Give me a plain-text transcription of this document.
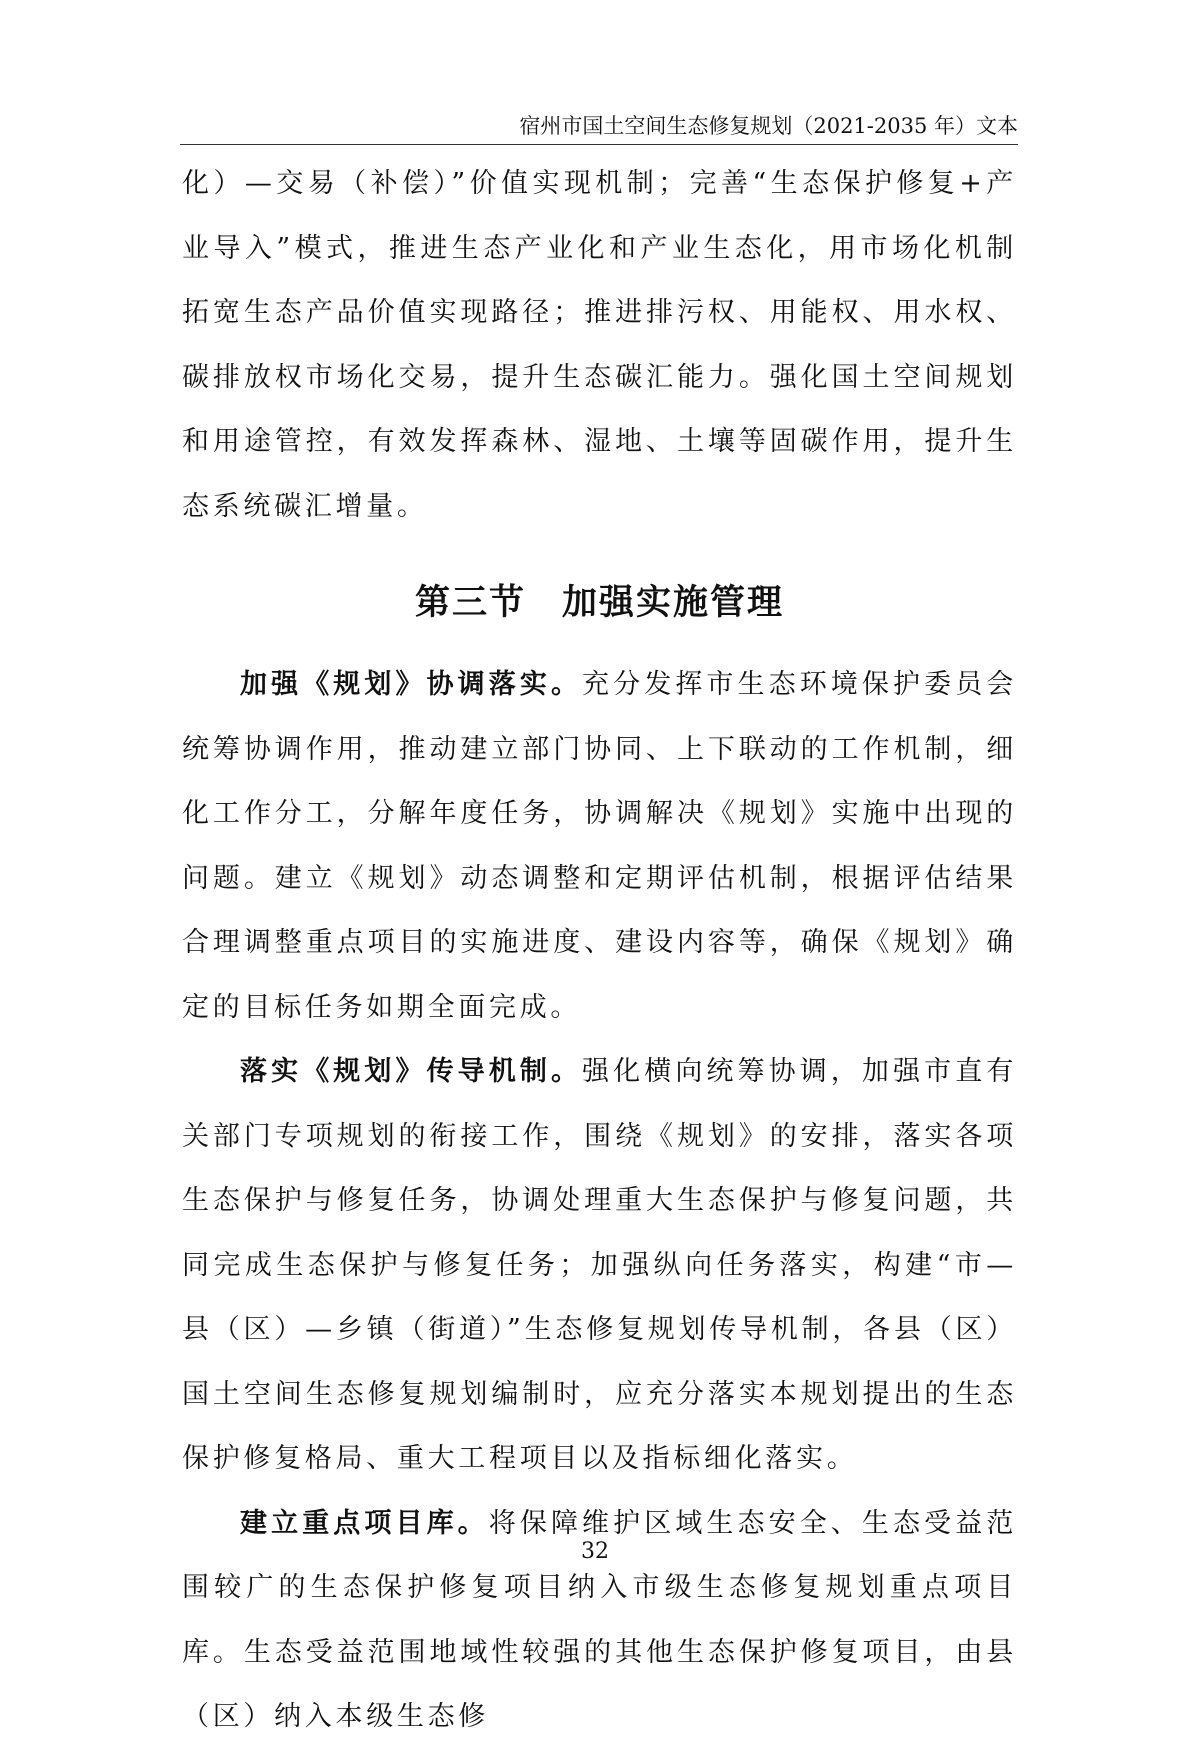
宿州市国土空间生态修复规划（2021-2035 年）文本

化）—交易（补偿）”价值实现机制；完善“生态保护修复+产业导入”模式，推进生态产业化和产业生态化，用市场化机制拓宽生态产品价值实现路径；推进排污权、用能权、用水权、碳排放权市场化交易，提升生态碳汇能力。强化国土空间规划和用途管控，有效发挥森林、湿地、土壤等固碳作用，提升生态系统碳汇增量。

第三节 加强实施管理

加强《规划》协调落实。充分发挥市生态环境保护委员会统筹协调作用，推动建立部门协同、上下联动的工作机制，细化工作分工，分解年度任务，协调解决《规划》实施中出现的问题。建立《规划》动态调整和定期评估机制，根据评估结果合理调整重点项目的实施进度、建设内容等，确保《规划》确定的目标任务如期全面完成。

落实《规划》传导机制。强化横向统筹协调，加强市直有关部门专项规划的衔接工作，围绕《规划》的安排，落实各项生态保护与修复任务，协调处理重大生态保护与修复问题，共同完成生态保护与修复任务；加强纵向任务落实，构建“市—县（区）—乡镇（街道）”生态修复规划传导机制，各县（区）国土空间生态修复规划编制时，应充分落实本规划提出的生态保护修复格局、重大工程项目以及指标细化落实。

建立重点项目库。将保障维护区域生态安全、生态受益范围较广的生态保护修复项目纳入市级生态修复规划重点项目库。生态受益范围地域性较强的其他生态保护修复项目，由县（区）纳入本级生态修

32
